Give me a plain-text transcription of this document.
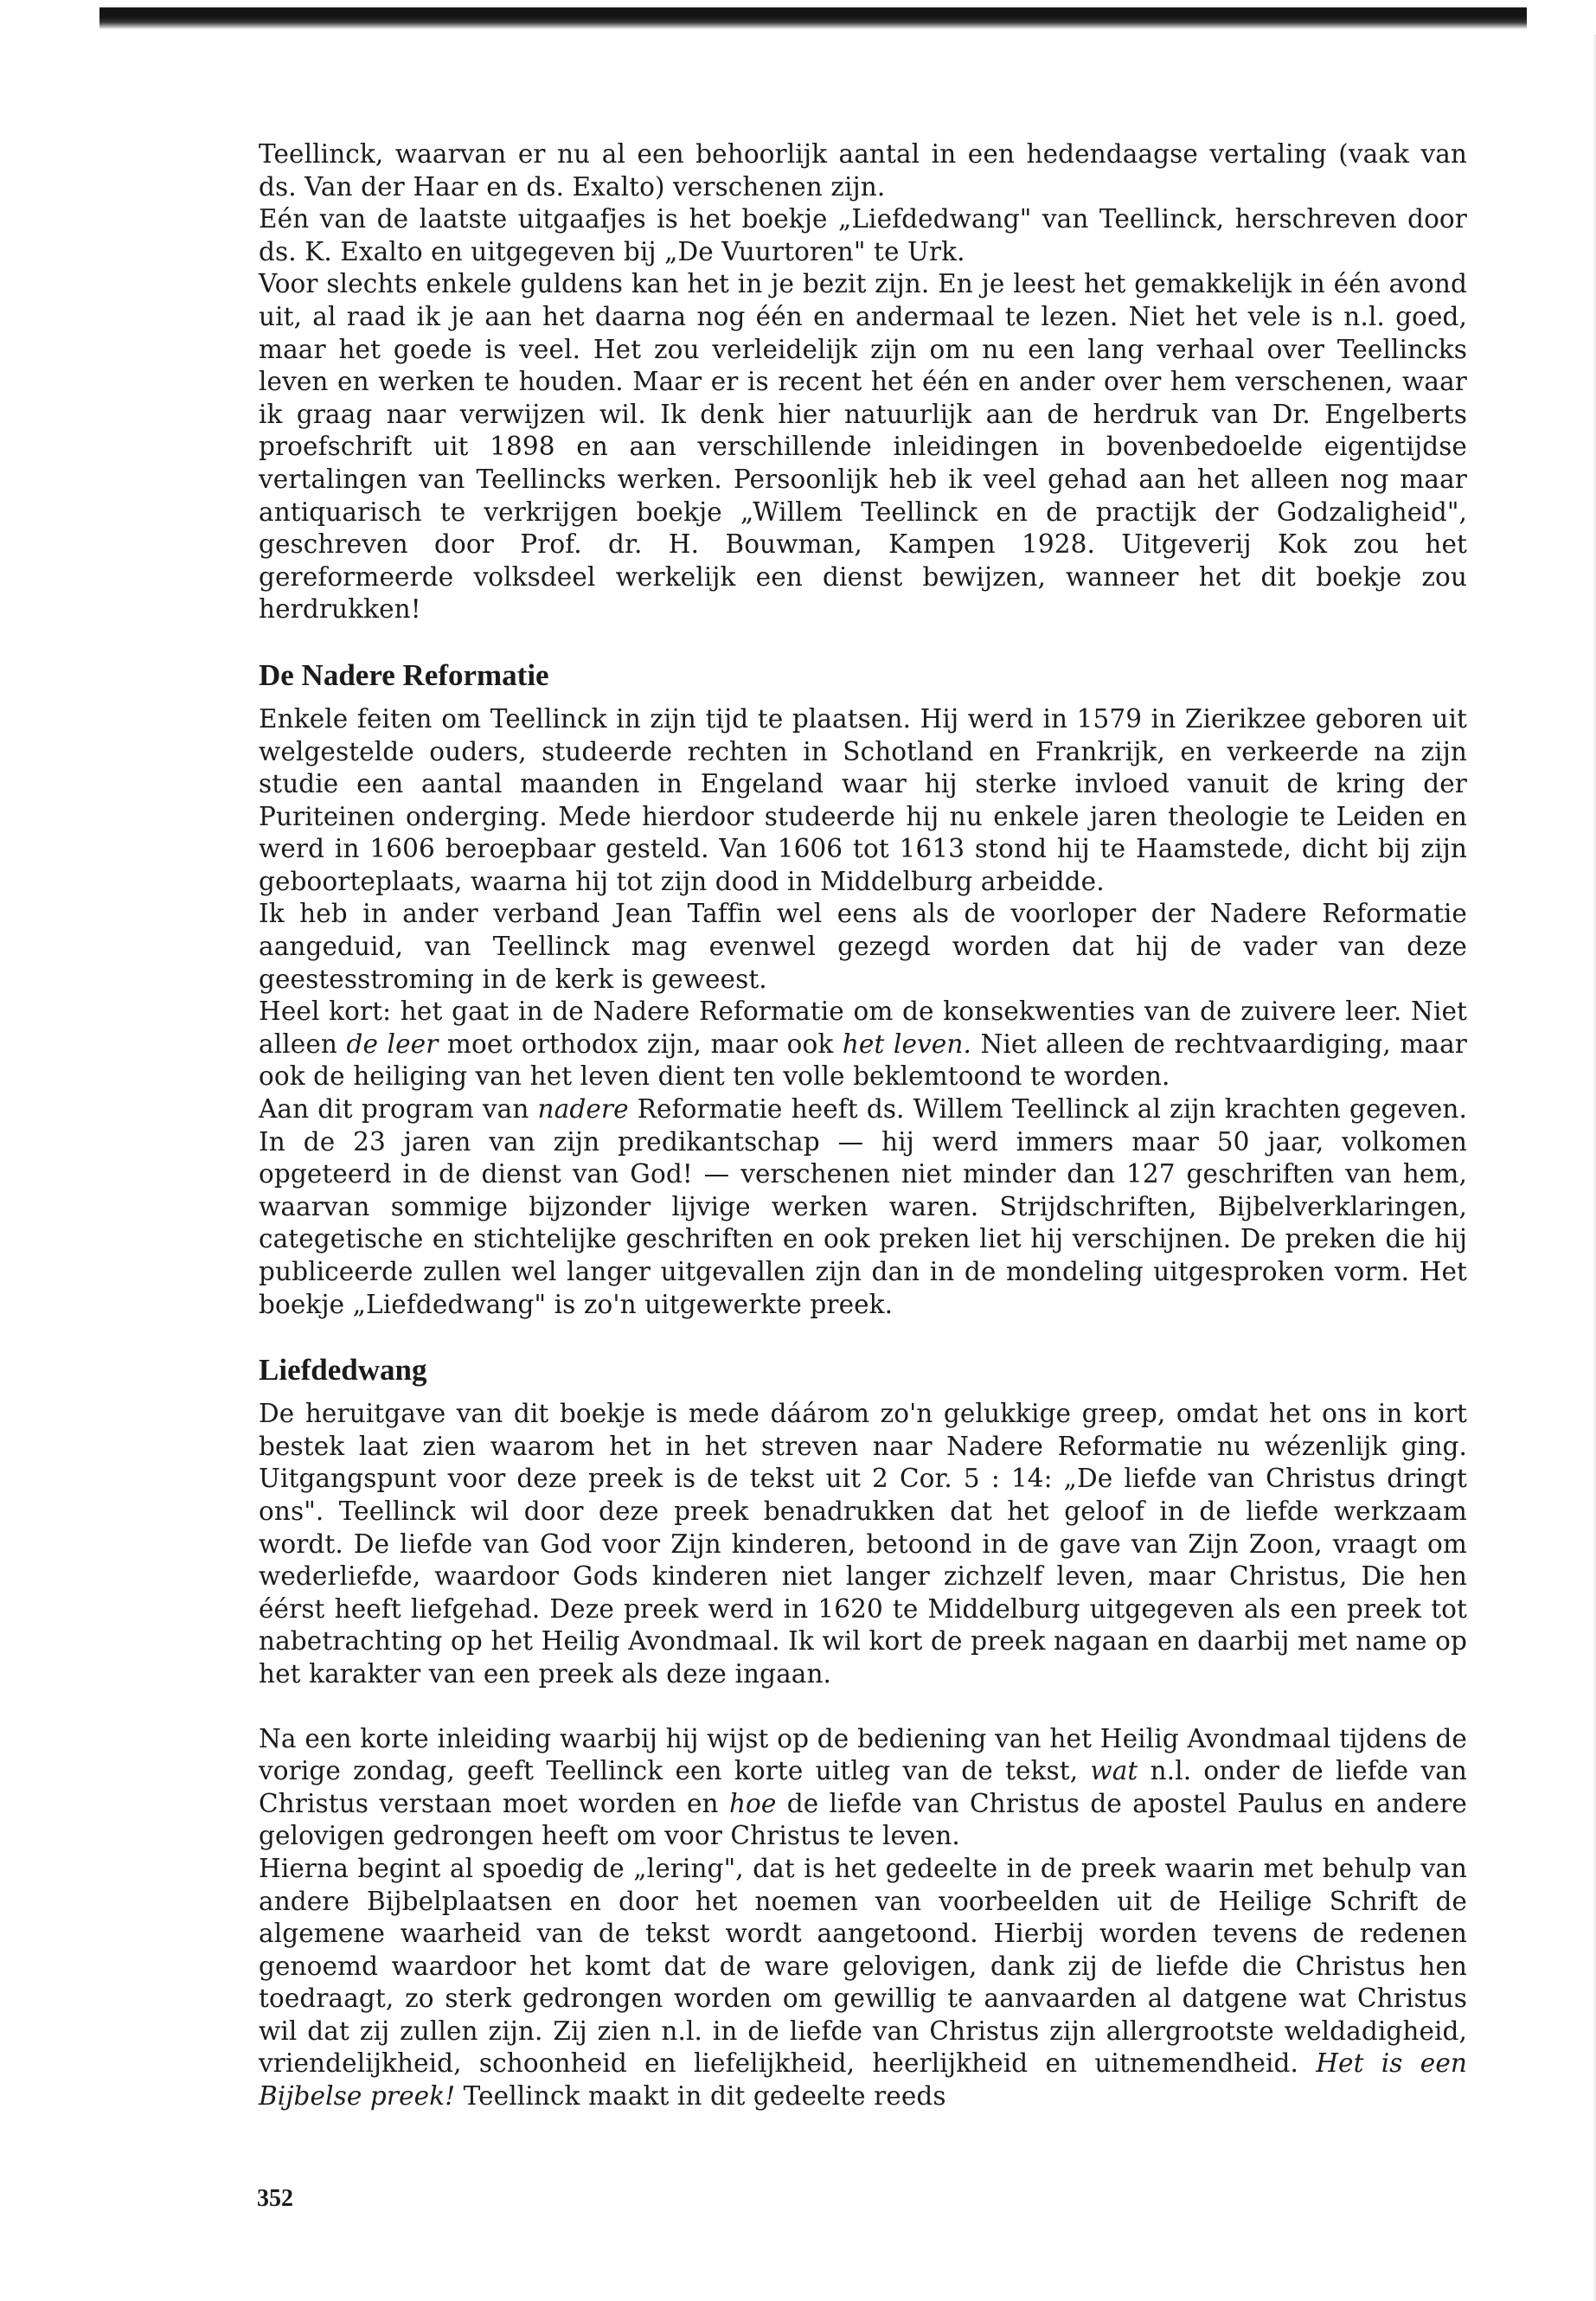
Teellinck, waarvan er nu al een behoorlijk aantal in een hedendaagse vertaling (vaak van ds. Van der Haar en ds. Exalto) verschenen zijn.

Eén van de laatste uitgaafjes is het boekje „Liefdedwang" van Teellinck, herschreven door ds. K. Exalto en uitgegeven bij „De Vuurtoren" te Urk.

Voor slechts enkele guldens kan het in je bezit zijn. En je leest het gemakkelijk in één avond uit, al raad ik je aan het daarna nog één en andermaal te lezen. Niet het vele is n.l. goed, maar het goede is veel. Het zou verleidelijk zijn om nu een lang verhaal over Teellincks leven en werken te houden. Maar er is recent het één en ander over hem verschenen, waar ik graag naar verwijzen wil. Ik denk hier natuurlijk aan de herdruk van Dr. Engelberts proefschrift uit 1898 en aan verschillende inleidingen in bovenbedoelde eigentijdse vertalingen van Teellincks werken. Persoonlijk heb ik veel gehad aan het alleen nog maar antiquarisch te verkrijgen boekje „Willem Teellinck en de practijk der Godzaligheid", geschreven door Prof. dr. H. Bouwman, Kampen 1928. Uitgeverij Kok zou het gereformeerde volksdeel werkelijk een dienst bewijzen, wanneer het dit boekje zou herdrukken!

De Nadere Reformatie

Enkele feiten om Teellinck in zijn tijd te plaatsen. Hij werd in 1579 in Zierikzee geboren uit welgestelde ouders, studeerde rechten in Schotland en Frankrijk, en verkeerde na zijn studie een aantal maanden in Engeland waar hij sterke invloed vanuit de kring der Puriteinen onderging. Mede hierdoor studeerde hij nu enkele jaren theologie te Leiden en werd in 1606 beroepbaar gesteld. Van 1606 tot 1613 stond hij te Haamstede, dicht bij zijn geboorteplaats, waarna hij tot zijn dood in Middelburg arbeidde.

Ik heb in ander verband Jean Taffin wel eens als de voorloper der Nadere Reformatie aangeduid, van Teellinck mag evenwel gezegd worden dat hij de vader van deze geestesstroming in de kerk is geweest.

Heel kort: het gaat in de Nadere Reformatie om de konsekwenties van de zuivere leer. Niet alleen de leer moet orthodox zijn, maar ook het leven. Niet alleen de rechtvaardiging, maar ook de heiliging van het leven dient ten volle beklemtoond te worden.

Aan dit program van nadere Reformatie heeft ds. Willem Teellinck al zijn krachten gegeven. In de 23 jaren van zijn predikantschap — hij werd immers maar 50 jaar, volkomen opgeteerd in de dienst van God! — verschenen niet minder dan 127 geschriften van hem, waarvan sommige bijzonder lijvige werken waren. Strijdschriften, Bijbelverklaringen, categetische en stichtelijke geschriften en ook preken liet hij verschijnen. De preken die hij publiceerde zullen wel langer uitgevallen zijn dan in de mondeling uitgesproken vorm. Het boekje „Liefdedwang" is zo'n uitgewerkte preek.

Liefdedwang

De heruitgave van dit boekje is mede dáárom zo'n gelukkige greep, omdat het ons in kort bestek laat zien waarom het in het streven naar Nadere Reformatie nu wézenlijk ging. Uitgangspunt voor deze preek is de tekst uit 2 Cor. 5 : 14: „De liefde van Christus dringt ons". Teellinck wil door deze preek benadrukken dat het geloof in de liefde werkzaam wordt. De liefde van God voor Zijn kinderen, betoond in de gave van Zijn Zoon, vraagt om wederliefde, waardoor Gods kinderen niet langer zichzelf leven, maar Christus, Die hen éérst heeft liefgehad. Deze preek werd in 1620 te Middelburg uitgegeven als een preek tot nabetrachting op het Heilig Avondmaal. Ik wil kort de preek nagaan en daarbij met name op het karakter van een preek als deze ingaan.

Na een korte inleiding waarbij hij wijst op de bediening van het Heilig Avondmaal tijdens de vorige zondag, geeft Teellinck een korte uitleg van de tekst, wat n.l. onder de liefde van Christus verstaan moet worden en hoe de liefde van Christus de apostel Paulus en andere gelovigen gedrongen heeft om voor Christus te leven.

Hierna begint al spoedig de „lering", dat is het gedeelte in de preek waarin met behulp van andere Bijbelplaatsen en door het noemen van voorbeelden uit de Heilige Schrift de algemene waarheid van de tekst wordt aangetoond. Hierbij worden tevens de redenen genoemd waardoor het komt dat de ware gelovigen, dank zij de liefde die Christus hen toedraagt, zo sterk gedrongen worden om gewillig te aanvaarden al datgene wat Christus wil dat zij zullen zijn. Zij zien n.l. in de liefde van Christus zijn allergrootste weldadigheid, vriendelijkheid, schoonheid en liefelijkheid, heerlijkheid en uitnemendheid. Het is een Bijbelse preek! Teellinck maakt in dit gedeelte reeds

352
